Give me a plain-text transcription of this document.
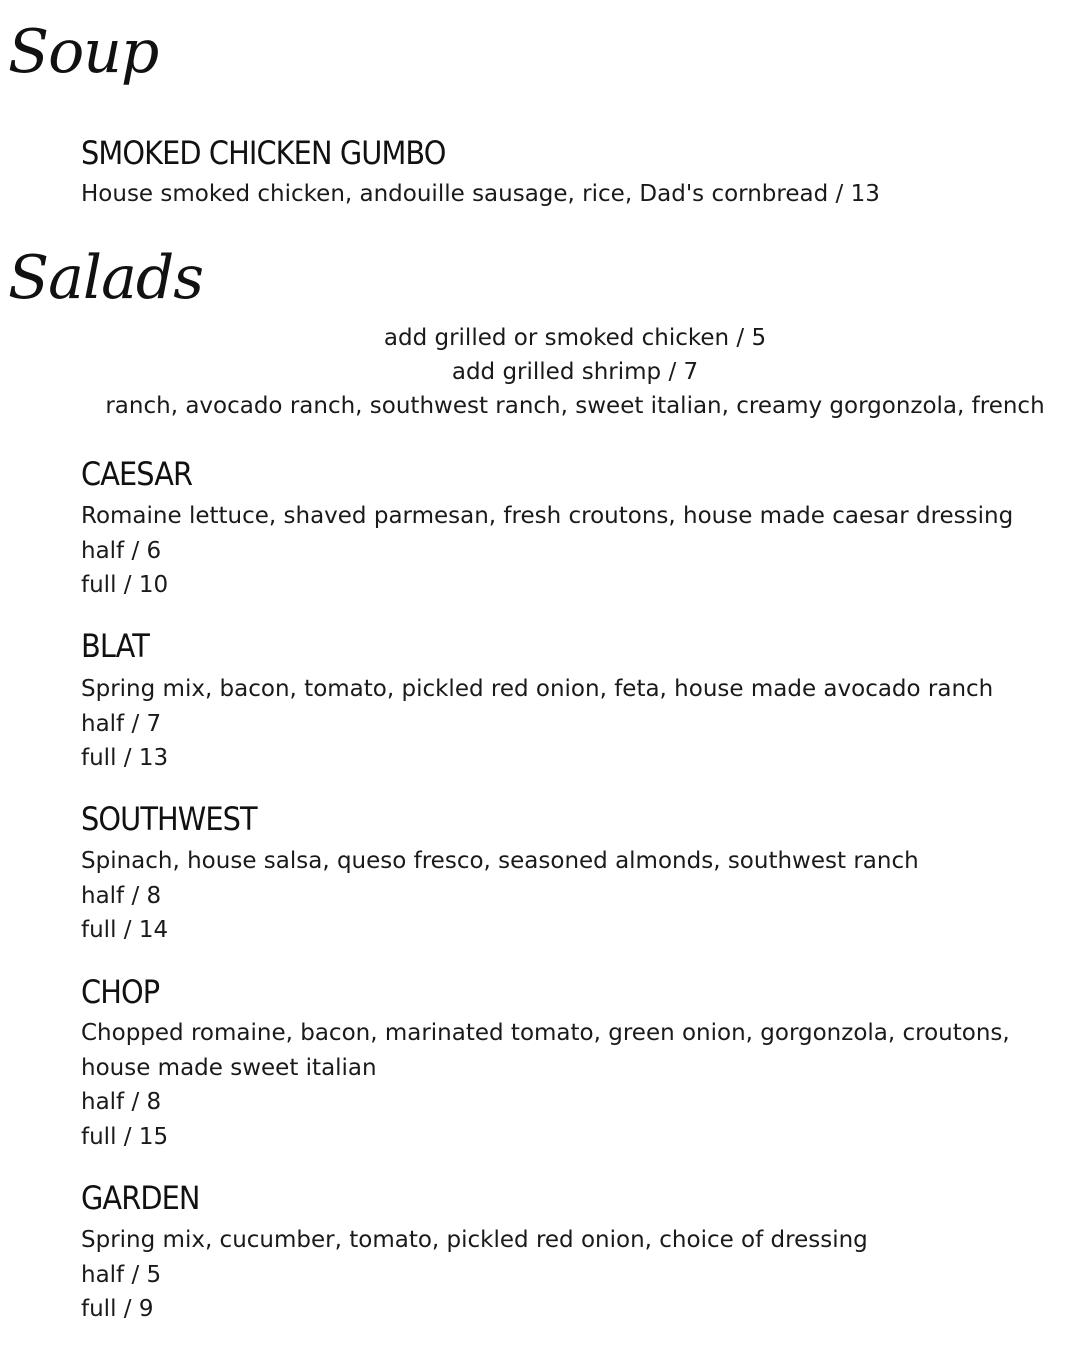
Soup
SMOKED CHICKEN GUMBO
House smoked chicken, andouille sausage, rice, Dad's cornbread / 13
Salads
add grilled or smoked chicken / 5
add grilled shrimp / 7
ranch, avocado ranch, southwest ranch, sweet italian, creamy gorgonzola, french
CAESAR
Romaine lettuce, shaved parmesan, fresh croutons, house made caesar dressing
half / 6
full / 10
BLAT
Spring mix, bacon, tomato, pickled red onion, feta, house made avocado ranch
half / 7
full / 13
SOUTHWEST
Spinach, house salsa, queso fresco, seasoned almonds, southwest ranch
half / 8
full / 14
CHOP
Chopped romaine, bacon, marinated tomato, green onion, gorgonzola, croutons,
house made sweet italian
half / 8
full / 15
GARDEN
Spring mix, cucumber, tomato, pickled red onion, choice of dressing
half / 5
full / 9
